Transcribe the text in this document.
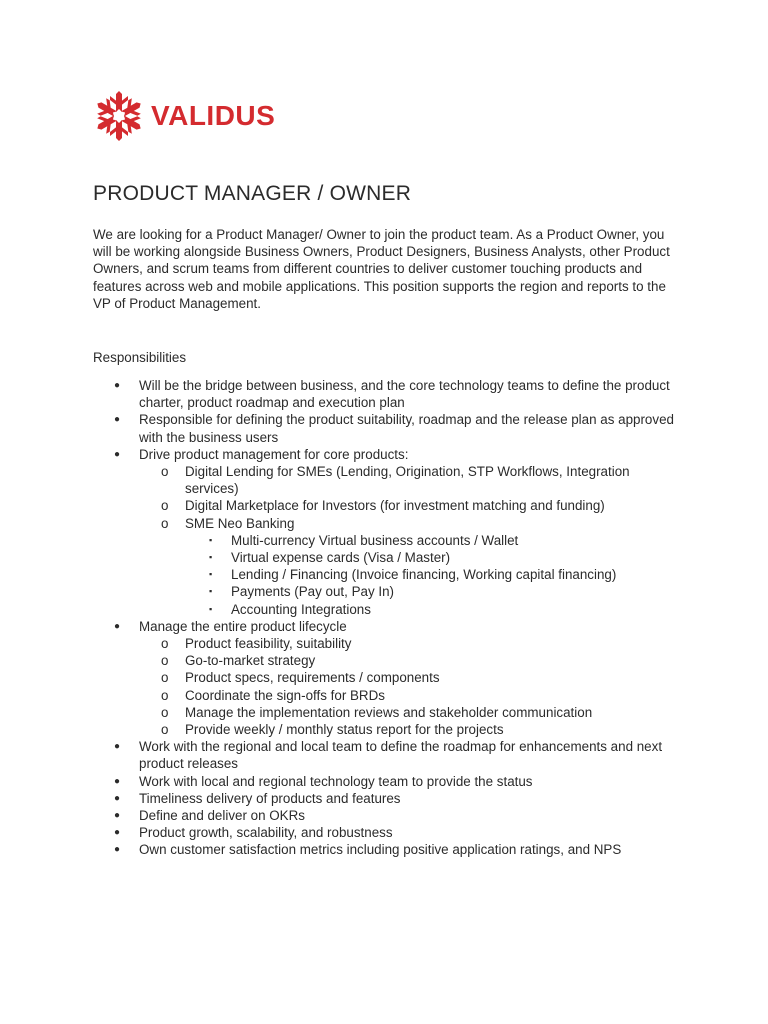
VALIDUS
PRODUCT MANAGER / OWNER

We are looking for a Product Manager/ Owner to join the product team. As a Product Owner, you will be working alongside Business Owners, Product Designers, Business Analysts, other Product Owners, and scrum teams from different countries to deliver customer touching products and features across web and mobile applications. This position supports the region and reports to the VP of Product Management.

Responsibilities

● Will be the bridge between business, and the core technology teams to define the product charter, product roadmap and execution plan
● Responsible for defining the product suitability, roadmap and the release plan as approved with the business users
● Drive product management for core products:
o Digital Lending for SMEs (Lending, Origination, STP Workflows, Integration services)
o Digital Marketplace for Investors (for investment matching and funding)
o SME Neo Banking
▪ Multi-currency Virtual business accounts / Wallet
▪ Virtual expense cards (Visa / Master)
▪ Lending / Financing (Invoice financing, Working capital financing)
▪ Payments (Pay out, Pay In)
▪ Accounting Integrations
● Manage the entire product lifecycle
o Product feasibility, suitability
o Go-to-market strategy
o Product specs, requirements / components
o Coordinate the sign-offs for BRDs
o Manage the implementation reviews and stakeholder communication
o Provide weekly / monthly status report for the projects
● Work with the regional and local team to define the roadmap for enhancements and next product releases
● Work with local and regional technology team to provide the status
● Timeliness delivery of products and features
● Define and deliver on OKRs
● Product growth, scalability, and robustness
● Own customer satisfaction metrics including positive application ratings, and NPS
